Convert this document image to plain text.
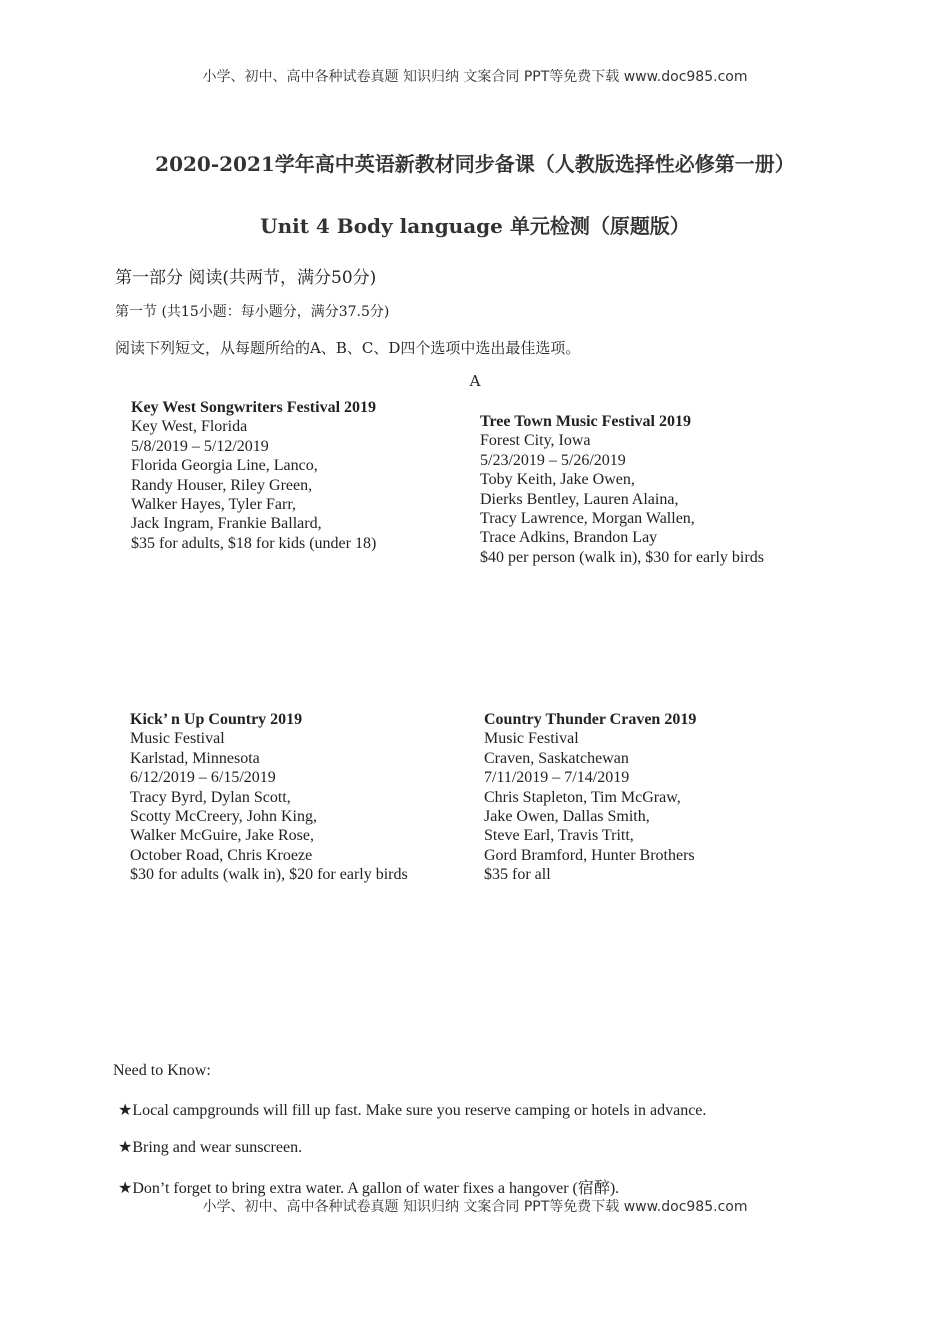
小学、初中、高中各种试卷真题 知识归纳 文案合同 PPT等免费下载 www.doc985.com
2020-2021学年高中英语新教材同步备课（人教版选择性必修第一册）
Unit 4 Body language 单元检测（原题版）
第一部分 阅读(共两节，满分50分)
第一节 (共15小题：每小题分，满分37.5分)
阅读下列短文，从每题所给的A、B、C、D四个选项中选出最佳选项。
A
Key West Songwriters Festival 2019
Key West, Florida
5/8/2019 – 5/12/2019
Florida Georgia Line, Lanco,
Randy Houser, Riley Green,
Walker Hayes, Tyler Farr,
Jack Ingram, Frankie Ballard,
$35 for adults, $18 for kids (under 18)
Tree Town Music Festival 2019
Forest City, Iowa
5/23/2019 – 5/26/2019
Toby Keith, Jake Owen,
Dierks Bentley, Lauren Alaina,
Tracy Lawrence, Morgan Wallen,
Trace Adkins, Brandon Lay
$40 per person (walk in), $30 for early birds
Kick’ n Up Country 2019
Music Festival
Karlstad, Minnesota
6/12/2019 – 6/15/2019
Tracy Byrd, Dylan Scott,
Scotty McCreery, John King,
Walker McGuire, Jake Rose,
October Road, Chris Kroeze
$30 for adults (walk in), $20 for early birds
Country Thunder Craven 2019
Music Festival
Craven, Saskatchewan
7/11/2019 – 7/14/2019
Chris Stapleton, Tim McGraw,
Jake Owen, Dallas Smith,
Steve Earl, Travis Tritt,
Gord Bramford, Hunter Brothers
$35 for all
Need to Know:
★Local campgrounds will fill up fast. Make sure you reserve camping or hotels in advance.
★Bring and wear sunscreen.
★Don’t forget to bring extra water. A gallon of water fixes a hangover (宿醉).
小学、初中、高中各种试卷真题 知识归纳 文案合同 PPT等免费下载 www.doc985.com
